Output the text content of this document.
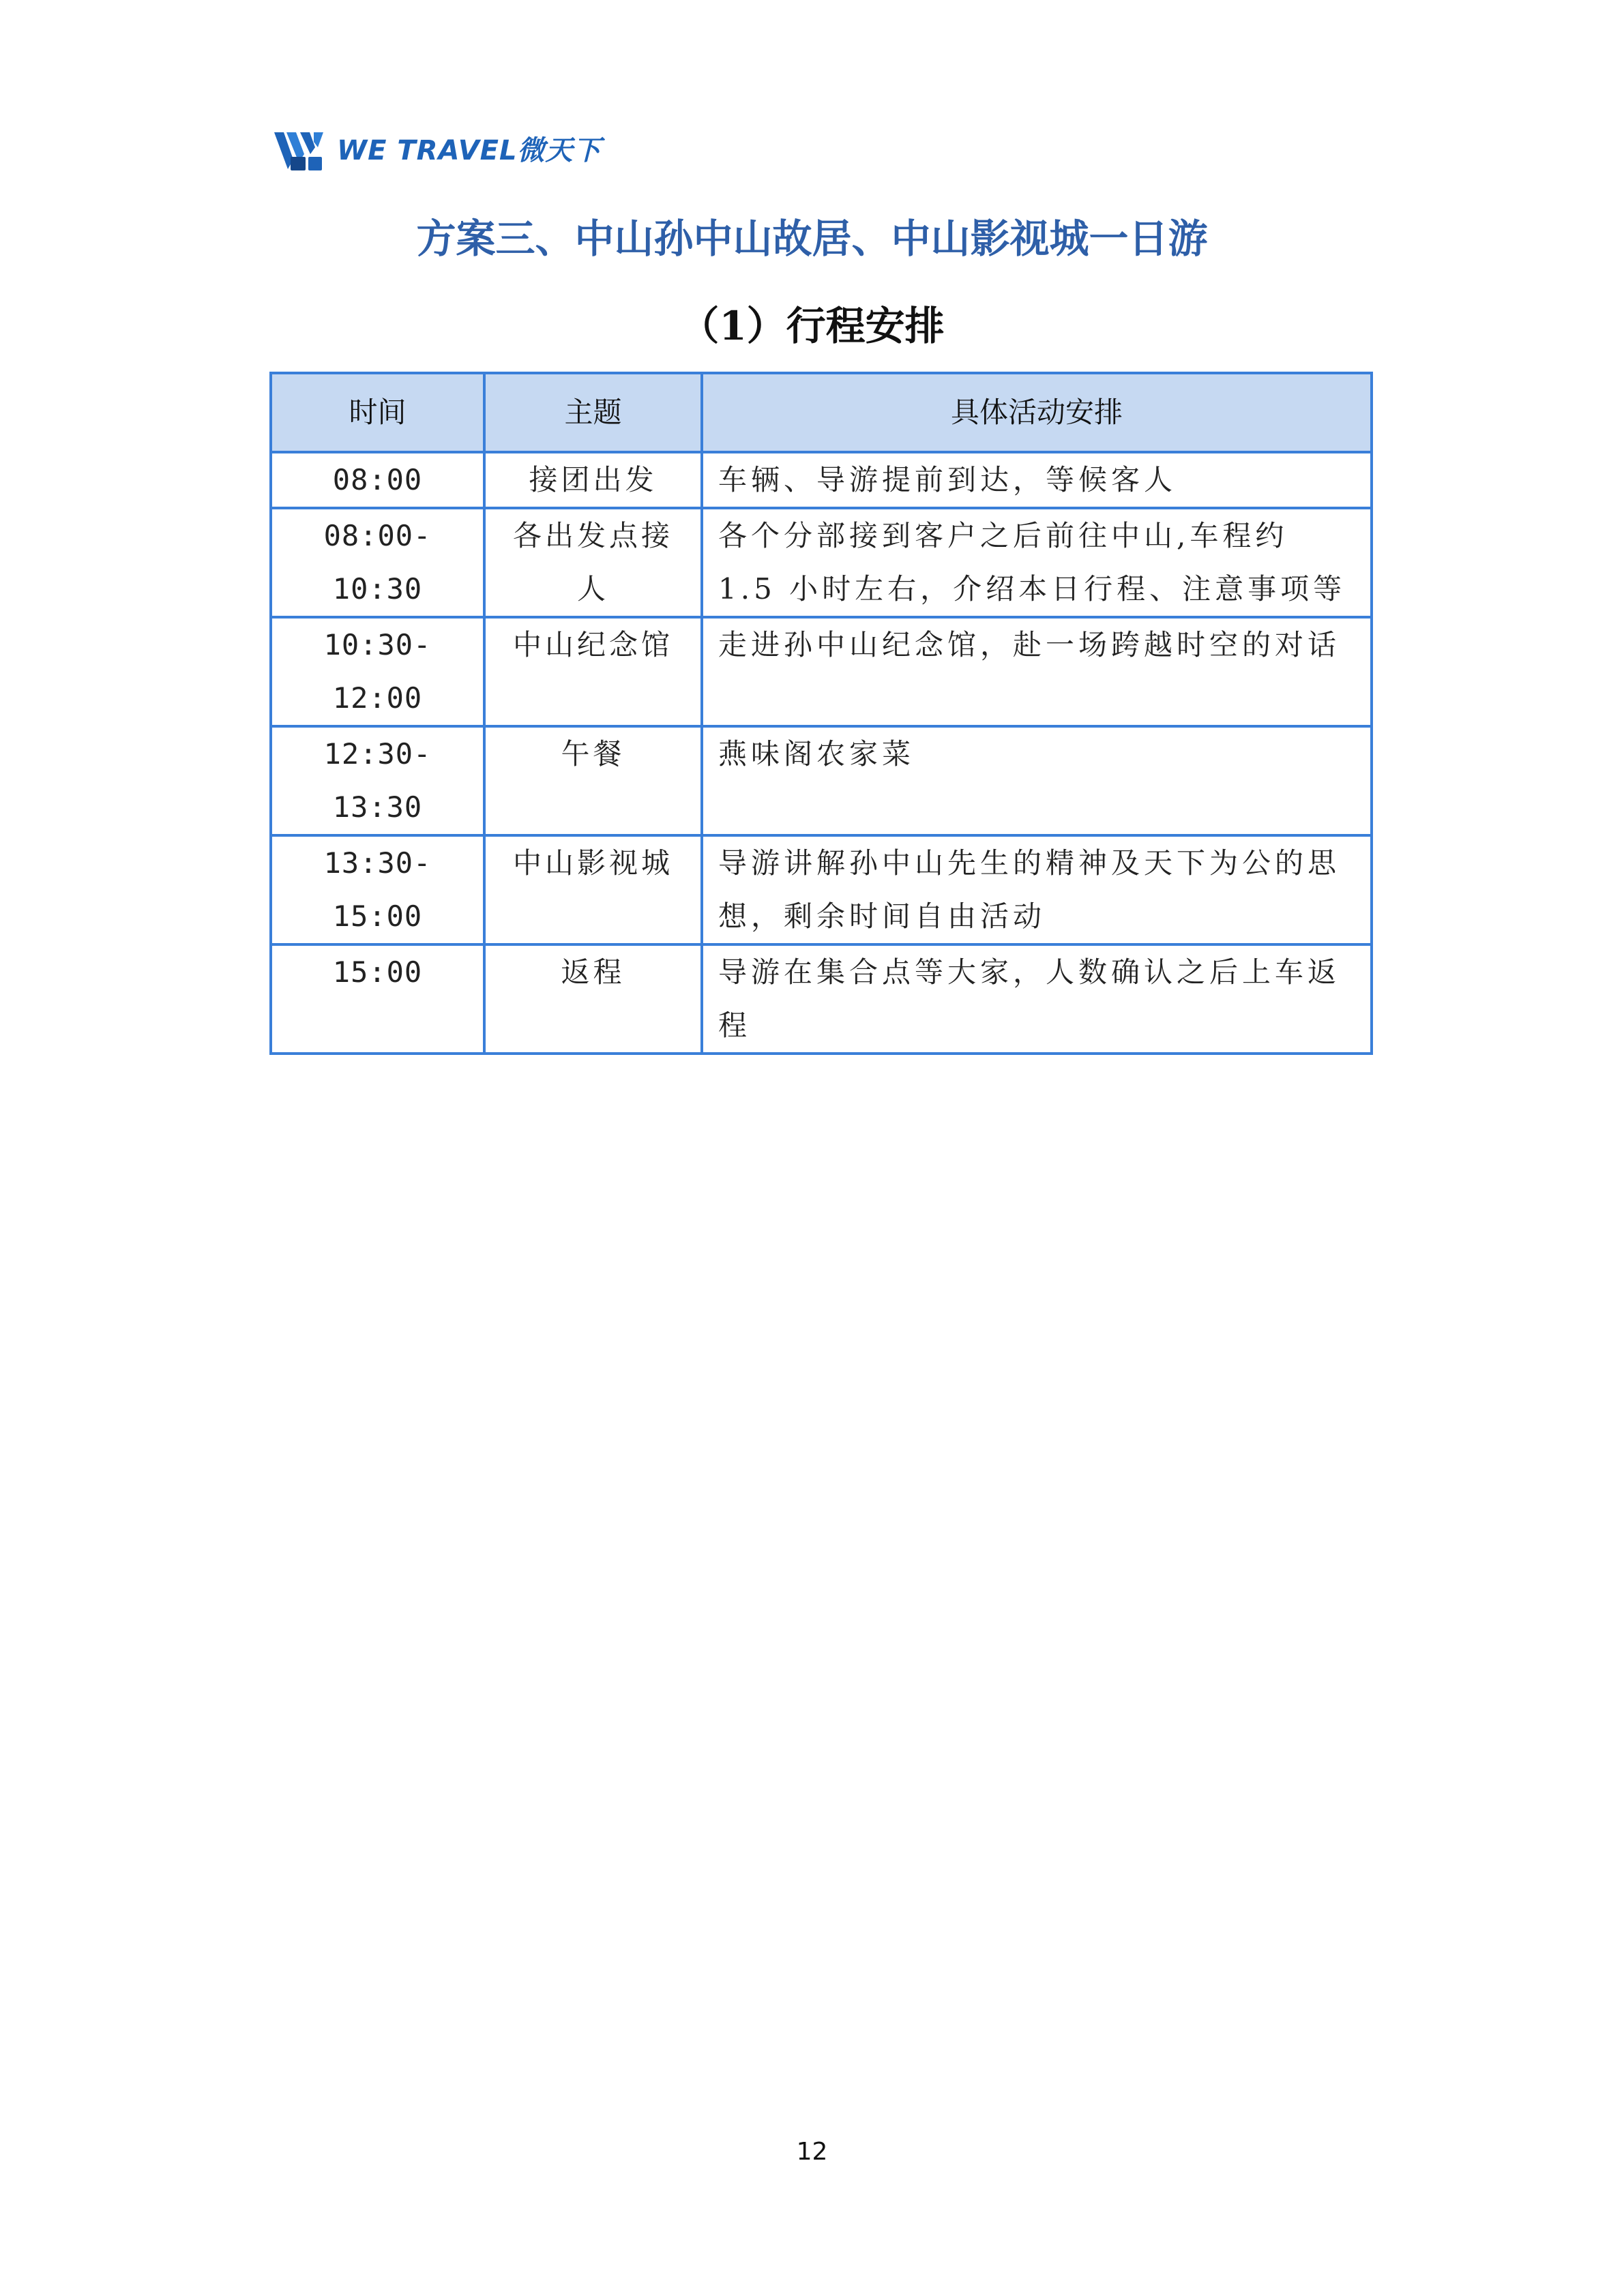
WE TRAVEL微天下
方案三、中山孙中山故居、中山影视城一日游
（1）行程安排
时间	主题	具体活动安排
08:00	接团出发	车辆、导游提前到达，等候客人
08:00-10:30	各出发点接人	各个分部接到客户之后前往中山,车程约 1.5 小时左右，介绍本日行程、注意事项等
10:30-12:00	中山纪念馆	走进孙中山纪念馆，赴一场跨越时空的对话
12:30-13:30	午餐	燕味阁农家菜
13:30-15:00	中山影视城	导游讲解孙中山先生的精神及天下为公的思想，剩余时间自由活动
15:00	返程	导游在集合点等大家，人数确认之后上车返程
12
